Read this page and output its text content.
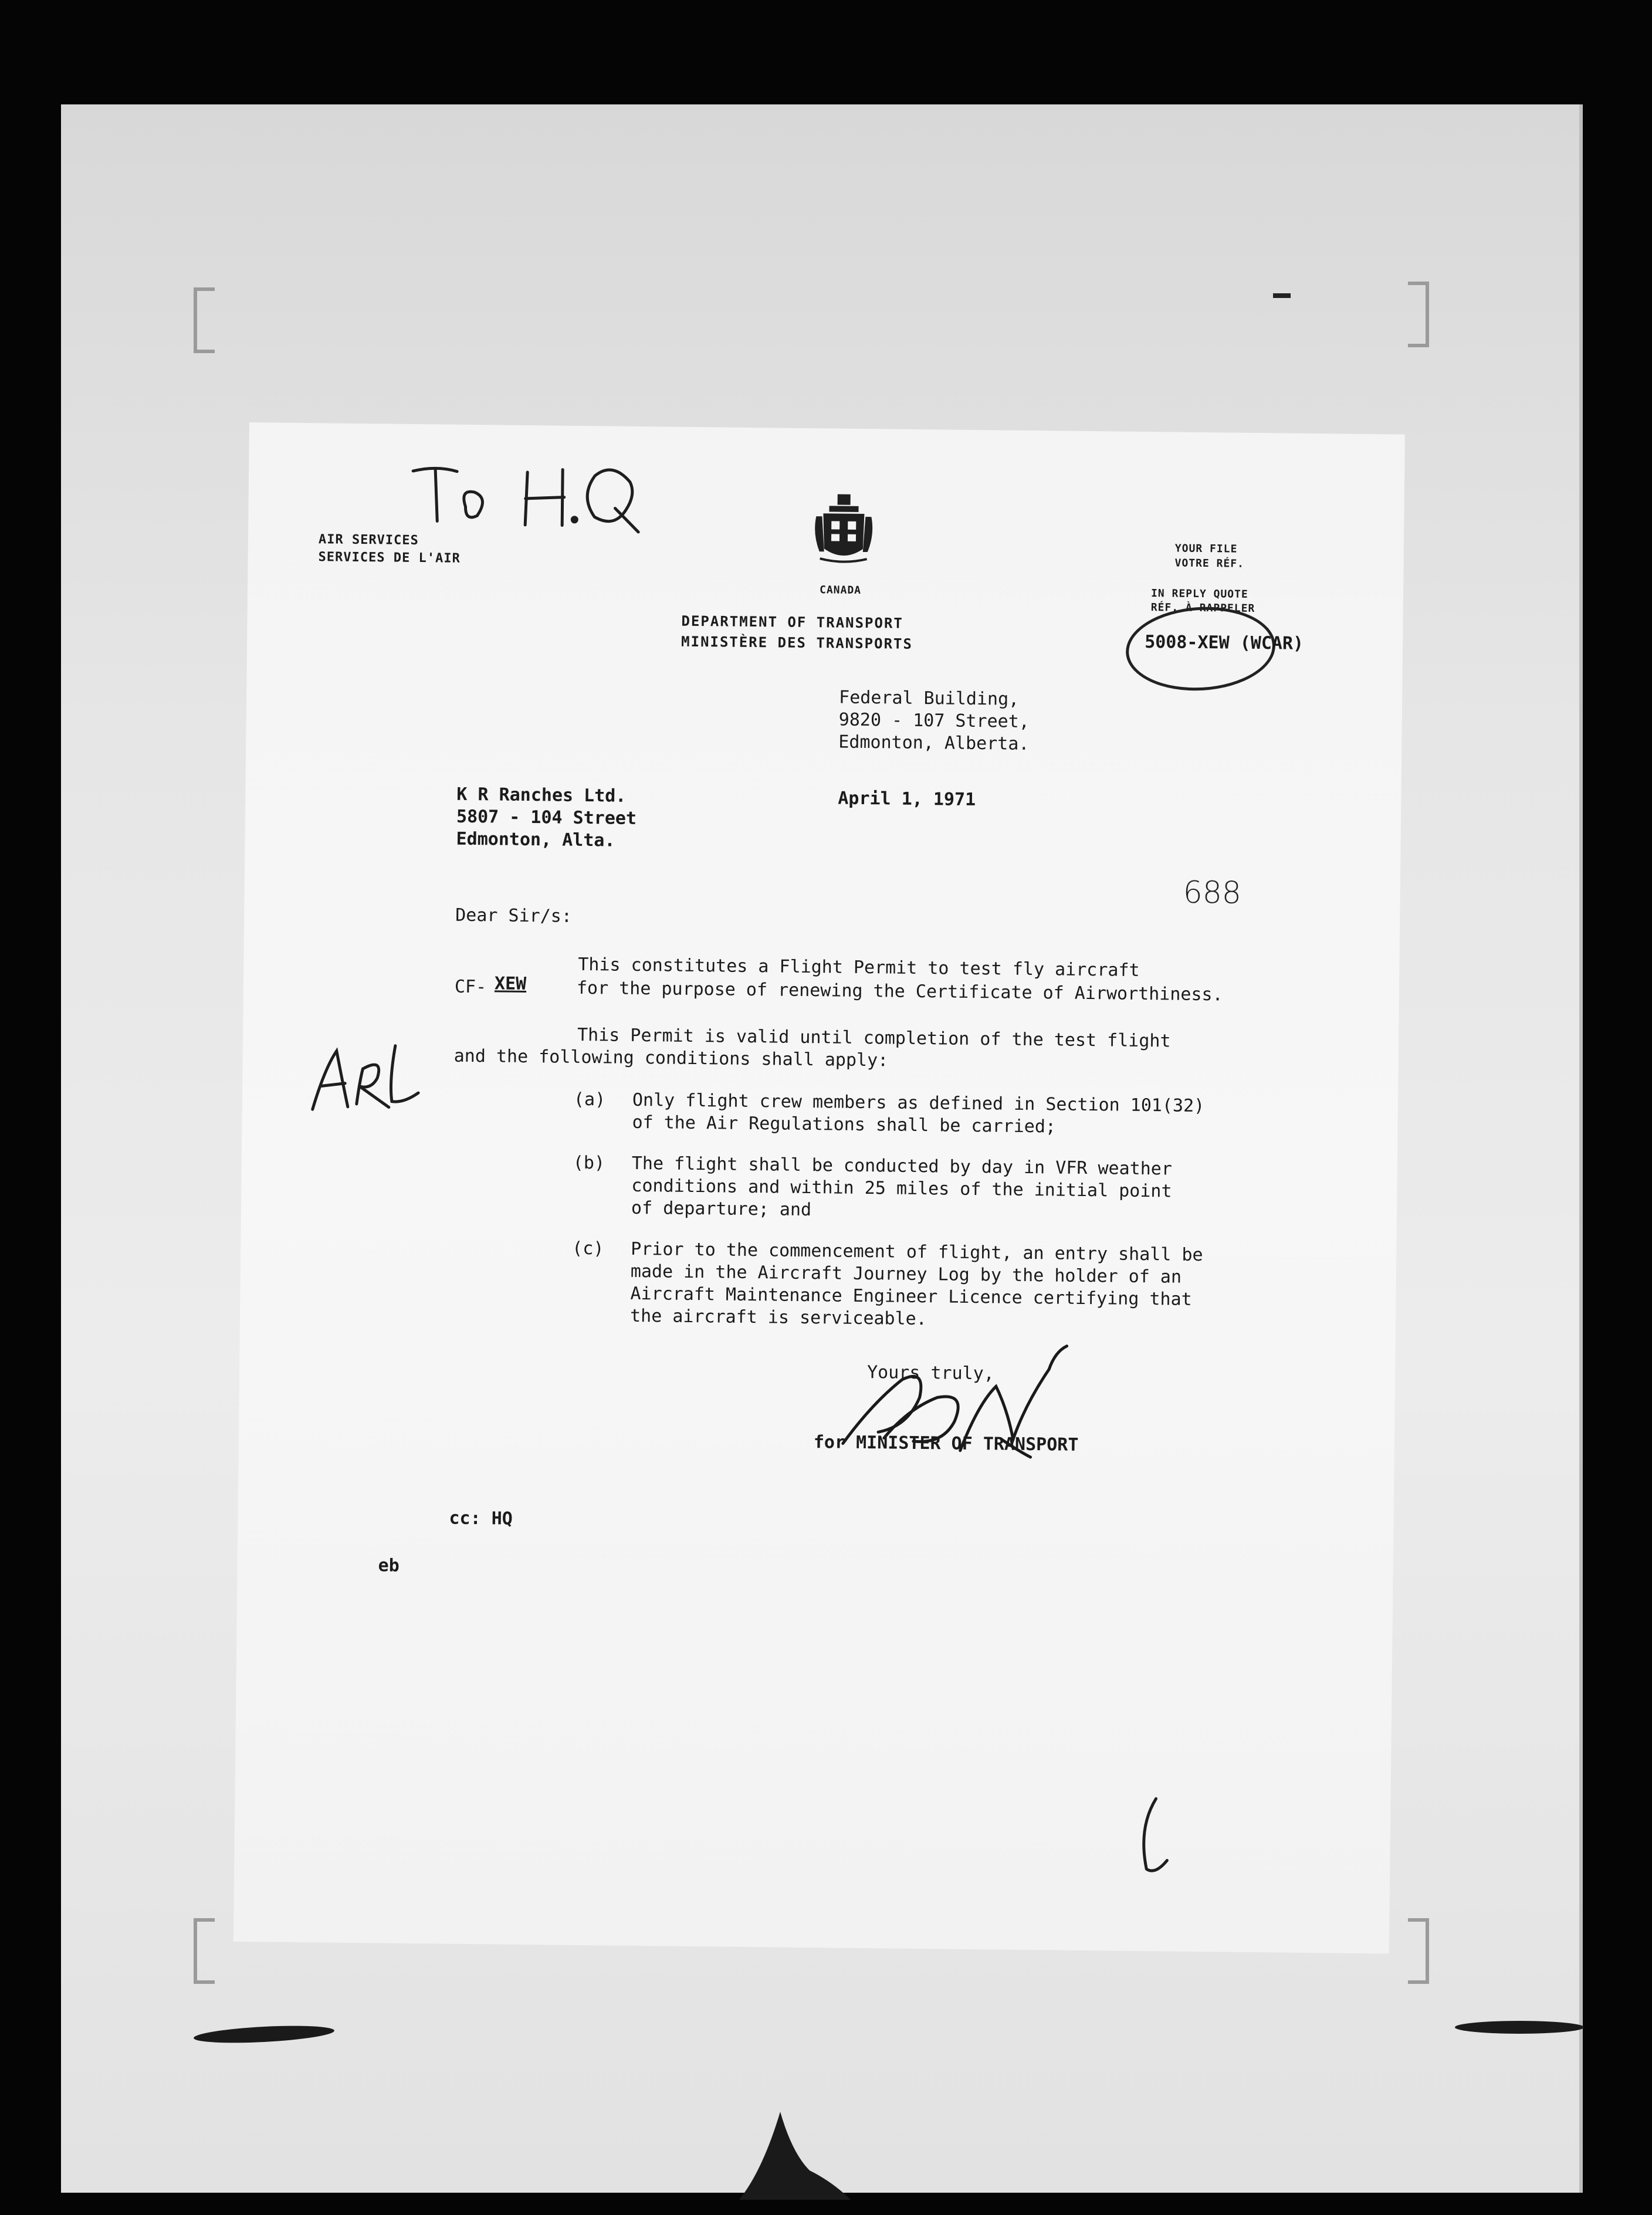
AIR SERVICES
SERVICES DE L'AIR
CANADA
DEPARTMENT OF TRANSPORT
MINISTÈRE DES TRANSPORTS
YOUR FILE
VOTRE RÉF.
IN REPLY QUOTE
RÉF. À RAPPELER
5008-XEW (WCAR)
Federal Building,
9820 - 107 Street,
Edmonton, Alberta.
April 1, 1971
K R Ranches Ltd.
5807 - 104 Street
Edmonton, Alta.
688
Dear Sir/s:
This constitutes a Flight Permit to test fly aircraft
CF- XEW	for the purpose of renewing the Certificate of Airworthiness.
This Permit is valid until completion of the test flight
and the following conditions shall apply:
(a) Only flight crew members as defined in Section 101(32)
of the Air Regulations shall be carried;
(b) The flight shall be conducted by day in VFR weather
conditions and within 25 miles of the initial point
of departure; and
(c) Prior to the commencement of flight, an entry shall be
made in the Aircraft Journey Log by the holder of an
Aircraft Maintenance Engineer Licence certifying that
the aircraft is serviceable.
Yours truly,
for MINISTER OF TRANSPORT
cc: HQ
eb
